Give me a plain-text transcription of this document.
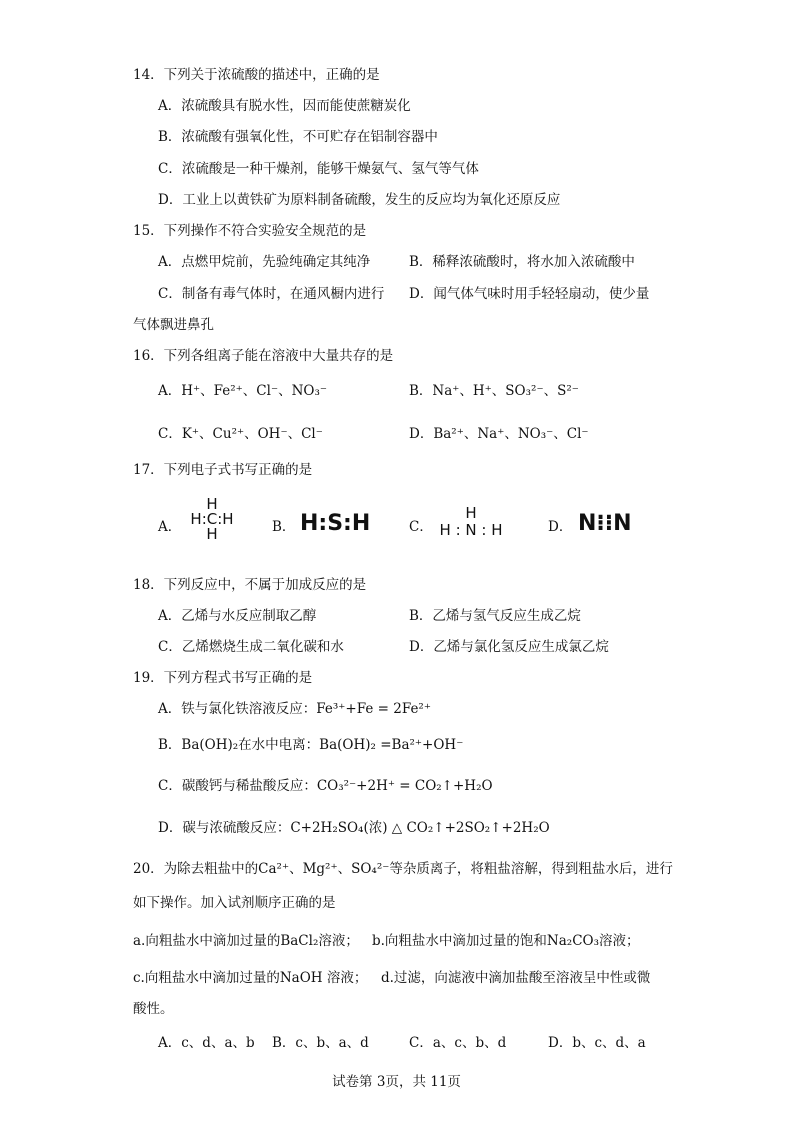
14．下列关于浓硫酸的描述中，正确的是
A．浓硫酸具有脱水性，因而能使蔗糖炭化
B．浓硫酸有强氧化性，不可贮存在铝制容器中
C．浓硫酸是一种干燥剂，能够干燥氨气、氢气等气体
D．工业上以黄铁矿为原料制备硫酸，发生的反应均为氧化还原反应
15．下列操作不符合实验安全规范的是
A．点燃甲烷前，先验纯确定其纯净	B．稀释浓硫酸时，将水加入浓硫酸中
C．制备有毒气体时，在通风橱内进行 D．闻气体气味时用手轻轻扇动，使少量
气体飘进鼻孔
16．下列各组离子能在溶液中大量共存的是
A．H⁺、Fe²⁺、Cl⁻、NO₃⁻	B．Na⁺、H⁺、SO₃²⁻、S²⁻
C．K⁺、Cu²⁺、OH⁻、Cl⁻	D．Ba²⁺、Na⁺、NO₃⁻、Cl⁻
17．下列电子式书写正确的是
A．
H
H:C:H
H	B． H:S:H	C．
H
H : N : H	D． N⁝⁝N
18．下列反应中，不属于加成反应的是
A．乙烯与水反应制取乙醇	B．乙烯与氢气反应生成乙烷
C．乙烯燃烧生成二氧化碳和水	D．乙烯与氯化氢反应生成氯乙烷
19．下列方程式书写正确的是
A．铁与氯化铁溶液反应：Fe³⁺+Fe = 2Fe²⁺
B．Ba(OH)₂在水中电离：Ba(OH)₂ =Ba²⁺+OH⁻
C．碳酸钙与稀盐酸反应：CO₃²⁻+2H⁺ = CO₂↑+H₂O
D．碳与浓硫酸反应：C+2H₂SO₄(浓) △ CO₂↑+2SO₂↑+2H₂O
20．为除去粗盐中的Ca²⁺、Mg²⁺、SO₄²⁻等杂质离子，将粗盐溶解，得到粗盐水后，进行
如下操作。加入试剂顺序正确的是
a.向粗盐水中滴加过量的BaCl₂溶液； b.向粗盐水中滴加过量的饱和Na₂CO₃溶液；
c.向粗盐水中滴加过量的NaOH 溶液； d.过滤，向滤液中滴加盐酸至溶液呈中性或微
酸性。
A．c、d、a、b B．c、b、a、d	C．a、c、b、d	D．b、c、d、a
试卷第 3页，共 11页
